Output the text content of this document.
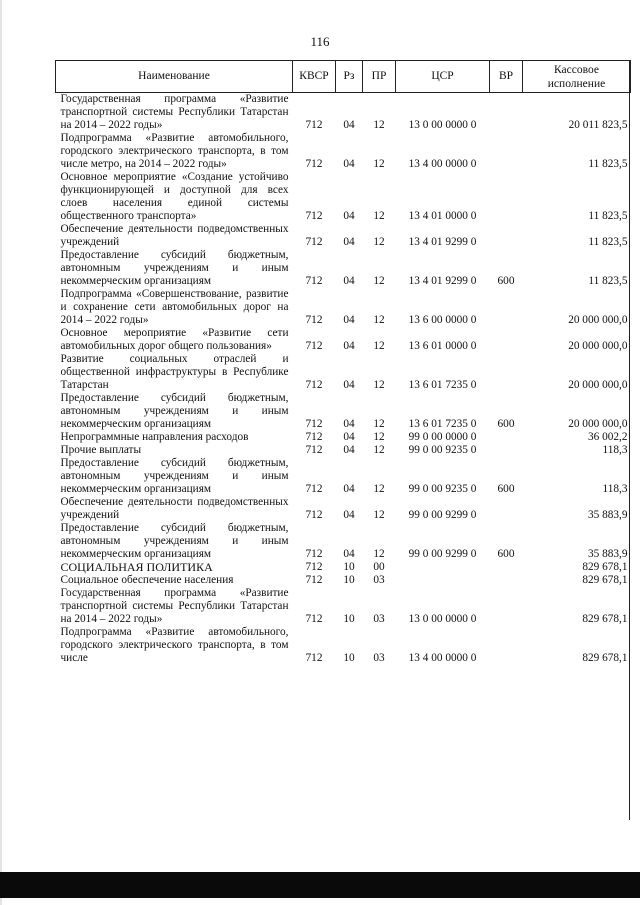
116
Наименование	КВСР	Рз	ПР	ЦСР	ВР	Кассовое
исполнение
Государственная программа «Развитие транспортной системы Республики Татарстан на 2014 – 2022 годы»	712	04	12	13 0 00 0000 0		20 011 823,5
Подпрограмма «Развитие автомобильного, городского электрического транспорта, в том числе метро, на 2014 – 2022 годы»	712	04	12	13 4 00 0000 0		11 823,5
Основное мероприятие «Создание устойчиво функционирующей и доступной для всех слоев населения единой системы общественного транспорта»	712	04	12	13 4 01 0000 0		11 823,5
Обеспечение деятельности подведомственных учреждений	712	04	12	13 4 01 9299 0		11 823,5
Предоставление субсидий бюджетным, автономным учреждениям и иным некоммерческим организациям	712	04	12	13 4 01 9299 0	600	11 823,5
Подпрограмма «Совершенствование, развитие и сохранение сети автомобильных дорог на 2014 – 2022 годы»	712	04	12	13 6 00 0000 0		20 000 000,0
Основное мероприятие «Развитие сети автомобильных дорог общего пользования»	712	04	12	13 6 01 0000 0		20 000 000,0
Развитие социальных отраслей и общественной инфраструктуры в Республике Татарстан	712	04	12	13 6 01 7235 0		20 000 000,0
Предоставление субсидий бюджетным, автономным учреждениям и иным некоммерческим организациям	712	04	12	13 6 01 7235 0	600	20 000 000,0
Непрограммные направления расходов	712	04	12	99 0 00 0000 0		36 002,2
Прочие выплаты	712	04	12	99 0 00 9235 0		118,3
Предоставление субсидий бюджетным, автономным учреждениям и иным некоммерческим организациям	712	04	12	99 0 00 9235 0	600	118,3
Обеспечение деятельности подведомственных учреждений	712	04	12	99 0 00 9299 0		35 883,9
Предоставление субсидий бюджетным, автономным учреждениям и иным некоммерческим организациям	712	04	12	99 0 00 9299 0	600	35 883,9
СОЦИАЛЬНАЯ ПОЛИТИКА	712	10	00			829 678,1
Социальное обеспечение населения	712	10	03			829 678,1
Государственная программа «Развитие транспортной системы Республики Татарстан на 2014 – 2022 годы»	712	10	03	13 0 00 0000 0		829 678,1
Подпрограмма «Развитие автомобильного, городского электрического транспорта, в том числе	712	10	03	13 4 00 0000 0		829 678,1
